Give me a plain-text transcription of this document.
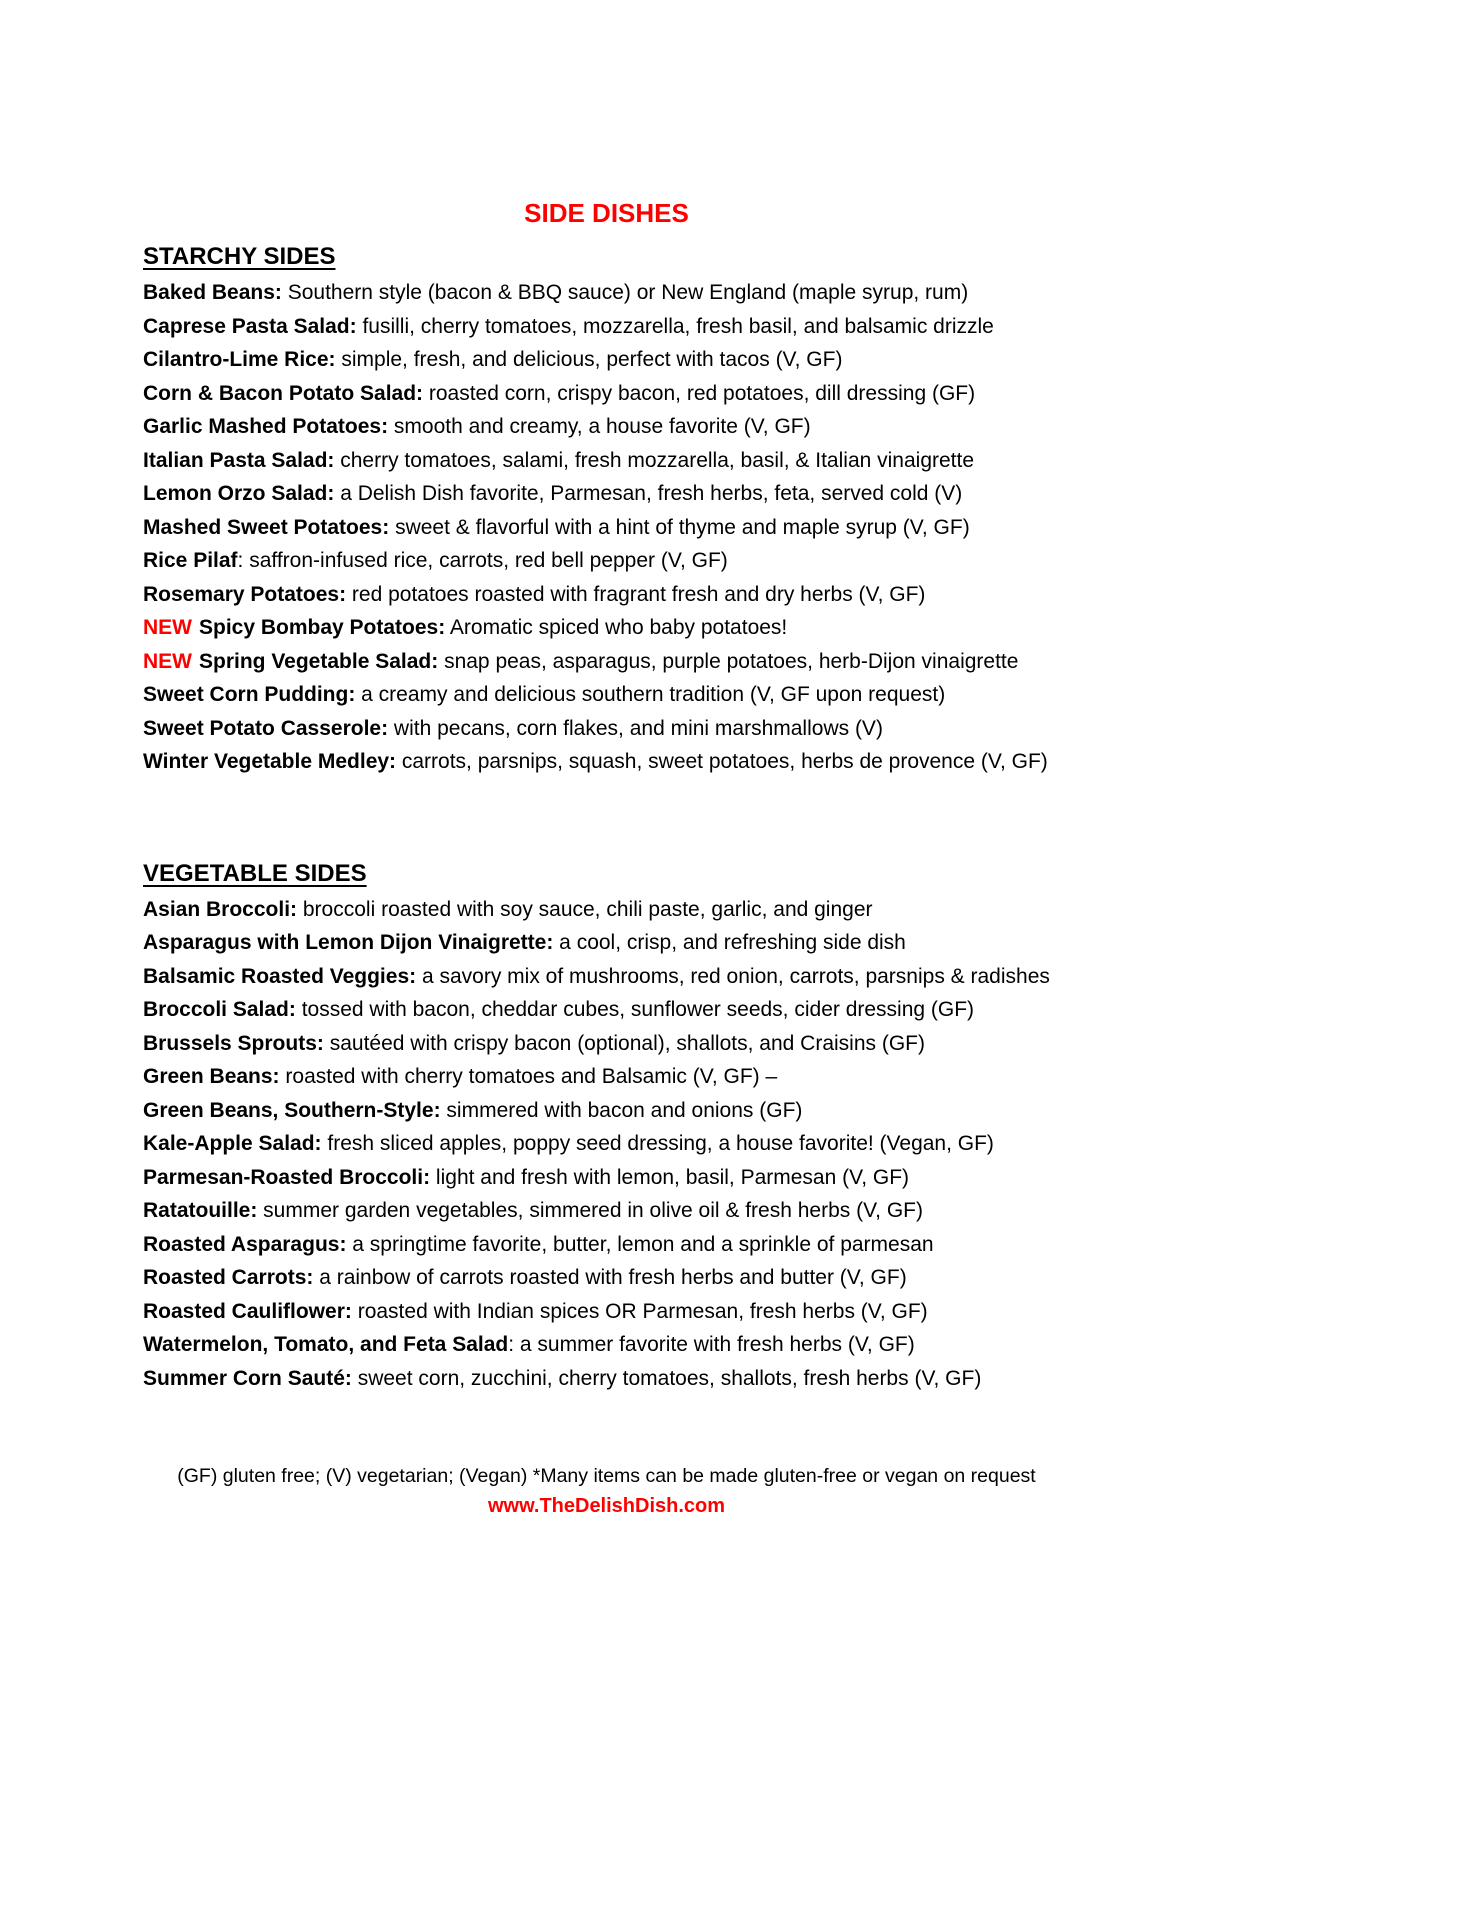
SIDE DISHES
STARCHY SIDES

Baked Beans: Southern style (bacon & BBQ sauce) or New England (maple syrup, rum)

Caprese Pasta Salad: fusilli, cherry tomatoes, mozzarella, fresh basil, and balsamic drizzle

Cilantro-Lime Rice: simple, fresh, and delicious, perfect with tacos (V, GF)

Corn & Bacon Potato Salad: roasted corn, crispy bacon, red potatoes, dill dressing (GF)

Garlic Mashed Potatoes: smooth and creamy, a house favorite (V, GF)

Italian Pasta Salad: cherry tomatoes, salami, fresh mozzarella, basil, & Italian vinaigrette

Lemon Orzo Salad: a Delish Dish favorite, Parmesan, fresh herbs, feta, served cold (V)

Mashed Sweet Potatoes: sweet & flavorful with a hint of thyme and maple syrup (V, GF)

Rice Pilaf: saffron-infused rice, carrots, red bell pepper (V, GF)

Rosemary Potatoes: red potatoes roasted with fragrant fresh and dry herbs (V, GF)

NEW Spicy Bombay Potatoes: Aromatic spiced who baby potatoes!

NEW Spring Vegetable Salad: snap peas, asparagus, purple potatoes, herb-Dijon vinaigrette

Sweet Corn Pudding: a creamy and delicious southern tradition (V, GF upon request)

Sweet Potato Casserole: with pecans, corn flakes, and mini marshmallows (V)

Winter Vegetable Medley: carrots, parsnips, squash, sweet potatoes, herbs de provence (V, GF)

VEGETABLE SIDES

Asian Broccoli: broccoli roasted with soy sauce, chili paste, garlic, and ginger

Asparagus with Lemon Dijon Vinaigrette: a cool, crisp, and refreshing side dish

Balsamic Roasted Veggies: a savory mix of mushrooms, red onion, carrots, parsnips & radishes

Broccoli Salad: tossed with bacon, cheddar cubes, sunflower seeds, cider dressing (GF)

Brussels Sprouts: sautéed with crispy bacon (optional), shallots, and Craisins (GF)

Green Beans: roasted with cherry tomatoes and Balsamic (V, GF) –

Green Beans, Southern-Style: simmered with bacon and onions (GF)

Kale-Apple Salad: fresh sliced apples, poppy seed dressing, a house favorite! (Vegan, GF)

Parmesan-Roasted Broccoli: light and fresh with lemon, basil, Parmesan (V, GF)

Ratatouille: summer garden vegetables, simmered in olive oil & fresh herbs (V, GF)

Roasted Asparagus: a springtime favorite, butter, lemon and a sprinkle of parmesan

Roasted Carrots: a rainbow of carrots roasted with fresh herbs and butter (V, GF)

Roasted Cauliflower: roasted with Indian spices OR Parmesan, fresh herbs (V, GF)

Watermelon, Tomato, and Feta Salad: a summer favorite with fresh herbs (V, GF)

Summer Corn Sauté: sweet corn, zucchini, cherry tomatoes, shallots, fresh herbs (V, GF)

(GF) gluten free; (V) vegetarian; (Vegan) *Many items can be made gluten-free or vegan on request
www.TheDelishDish.com
